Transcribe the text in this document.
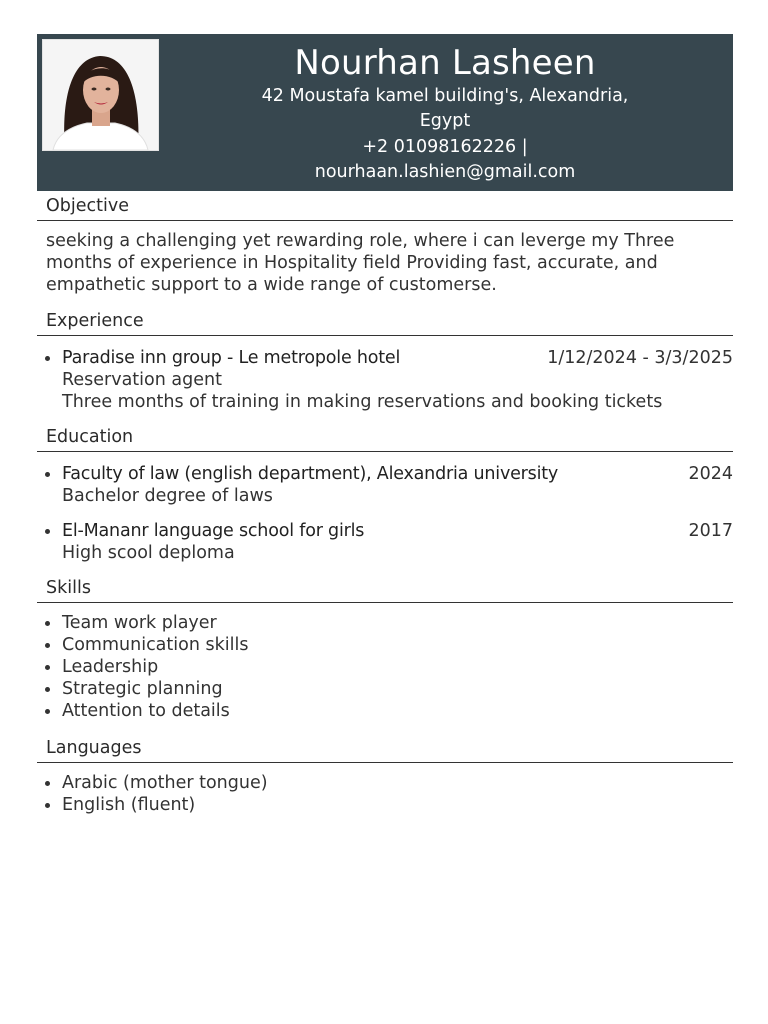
Nourhan Lasheen
42 Moustafa kamel building's, Alexandria, Egypt
+2 01098162226 |
nourhaan.lashien@gmail.com
Objective
seeking a challenging yet rewarding role, where i can leverge my Three months of experience in Hospitality field Providing fast, accurate, and empathetic support to a wide range of customerse.
Experience
Paradise inn group - Le metropole hotel	1/12/2024 - 3/3/2025
Reservation agent
Three months of training in making reservations and booking tickets
Education
Faculty of law (english department), Alexandria university	2024
Bachelor degree of laws
El-Mananr language school for girls	2017
High scool deploma
Skills
Team work player
Communication skills
Leadership
Strategic planning
Attention to details
Languages
Arabic (mother tongue)
English (fluent)
